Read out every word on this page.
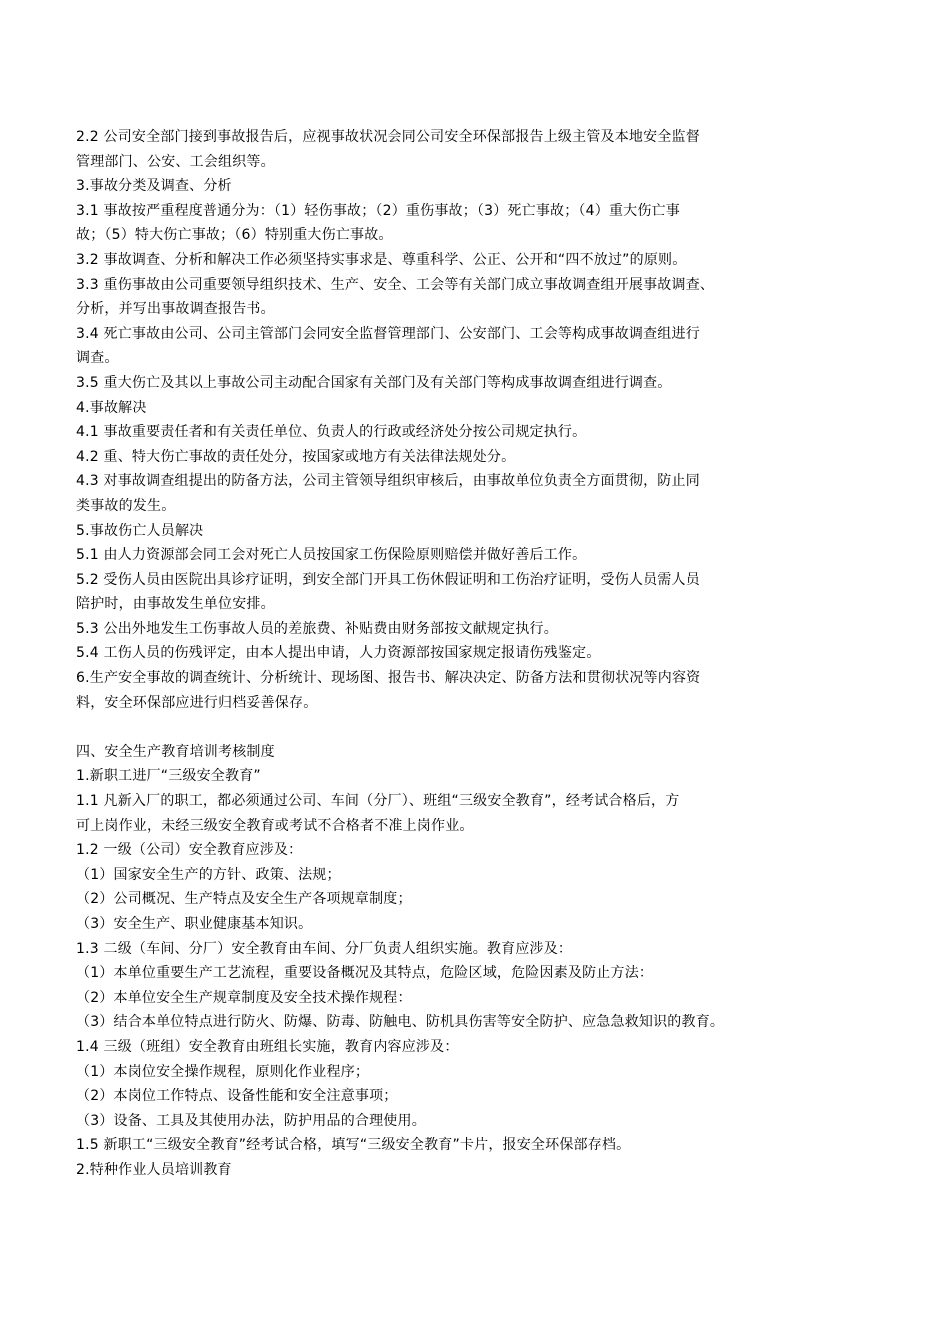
2.2 公司安全部门接到事故报告后，应视事故状况会同公司安全环保部报告上级主管及本地安全监督
管理部门、公安、工会组织等。
3.事故分类及调查、分析
3.1 事故按严重程度普通分为：（1）轻伤事故；（2）重伤事故；（3）死亡事故；（4）重大伤亡事
故；（5）特大伤亡事故；（6）特别重大伤亡事故。
3.2 事故调查、分析和解决工作必须坚持实事求是、尊重科学、公正、公开和“四不放过”的原则。
3.3 重伤事故由公司重要领导组织技术、生产、安全、工会等有关部门成立事故调查组开展事故调查、
分析，并写出事故调查报告书。
3.4 死亡事故由公司、公司主管部门会同安全监督管理部门、公安部门、工会等构成事故调查组进行
调查。
3.5 重大伤亡及其以上事故公司主动配合国家有关部门及有关部门等构成事故调查组进行调查。
4.事故解决
4.1 事故重要责任者和有关责任单位、负责人的行政或经济处分按公司规定执行。
4.2 重、特大伤亡事故的责任处分，按国家或地方有关法律法规处分。
4.3 对事故调查组提出的防备方法，公司主管领导组织审核后，由事故单位负责全方面贯彻，防止同
类事故的发生。
5.事故伤亡人员解决
5.1 由人力资源部会同工会对死亡人员按国家工伤保险原则赔偿并做好善后工作。
5.2 受伤人员由医院出具诊疗证明，到安全部门开具工伤休假证明和工伤治疗证明，受伤人员需人员
陪护时，由事故发生单位安排。
5.3 公出外地发生工伤事故人员的差旅费、补贴费由财务部按文献规定执行。
5.4 工伤人员的伤残评定，由本人提出申请，人力资源部按国家规定报请伤残鉴定。
6.生产安全事故的调查统计、分析统计、现场图、报告书、解决决定、防备方法和贯彻状况等内容资
料，安全环保部应进行归档妥善保存。
四、安全生产教育培训考核制度
1.新职工进厂“三级安全教育”
1.1 凡新入厂的职工，都必须通过公司、车间（分厂）、班组“三级安全教育”，经考试合格后，方
可上岗作业，未经三级安全教育或考试不合格者不准上岗作业。
1.2 一级（公司）安全教育应涉及：
（1）国家安全生产的方针、政策、法规；
（2）公司概况、生产特点及安全生产各项规章制度；
（3）安全生产、职业健康基本知识。
1.3 二级（车间、分厂）安全教育由车间、分厂负责人组织实施。教育应涉及：
（1）本单位重要生产工艺流程，重要设备概况及其特点，危险区域，危险因素及防止方法：
（2）本单位安全生产规章制度及安全技术操作规程：
（3）结合本单位特点进行防火、防爆、防毒、防触电、防机具伤害等安全防护、应急急救知识的教育。
1.4 三级（班组）安全教育由班组长实施，教育内容应涉及：
（1）本岗位安全操作规程，原则化作业程序；
（2）本岗位工作特点、设备性能和安全注意事项；
（3）设备、工具及其使用办法，防护用品的合理使用。
1.5 新职工“三级安全教育”经考试合格，填写“三级安全教育”卡片，报安全环保部存档。
2.特种作业人员培训教育
